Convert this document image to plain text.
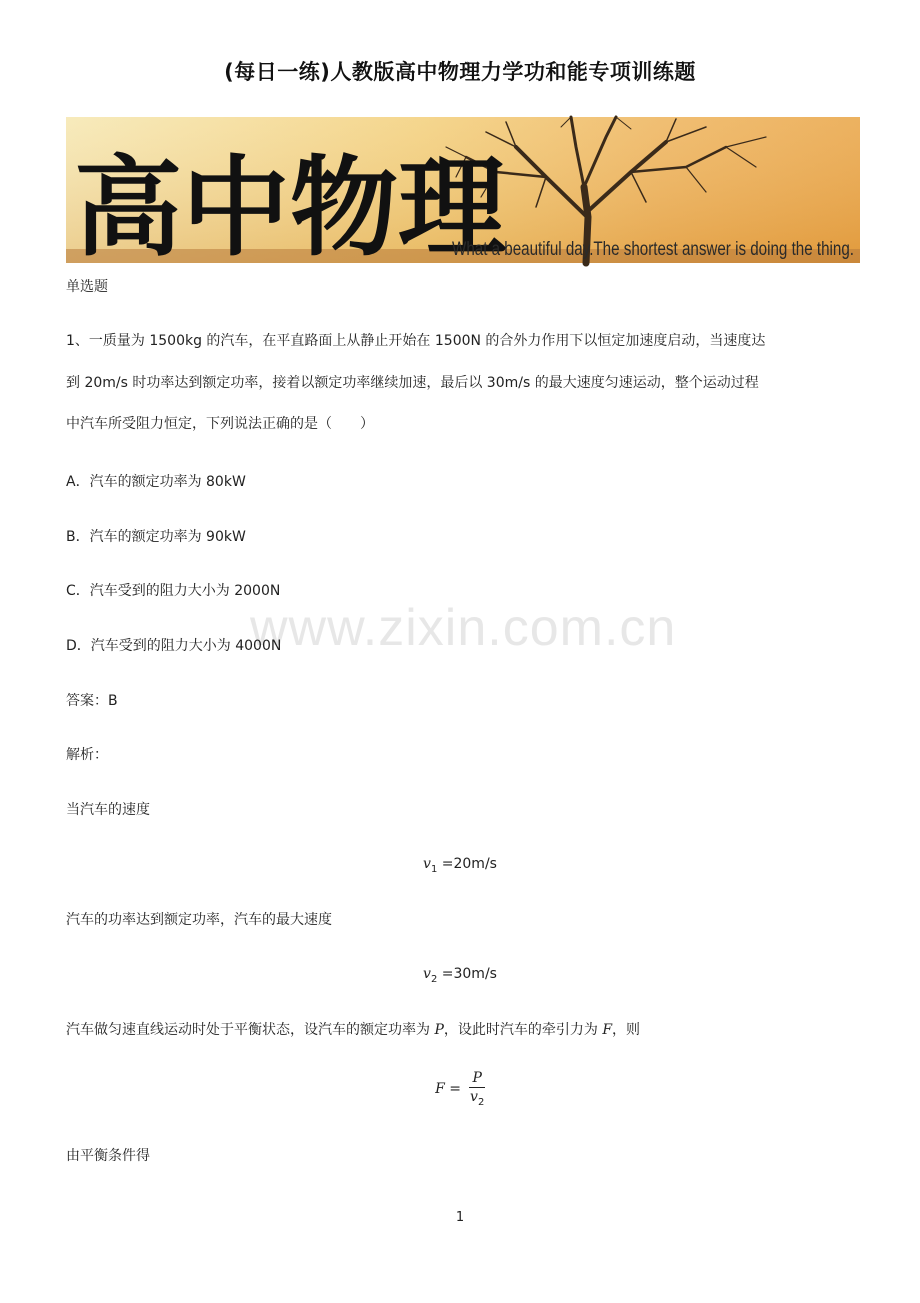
(每日一练)人教版高中物理力学功和能专项训练题
高中物理
What a beautiful day.The shortest answer is doing the thing.
www.zixin.com.cn
单选题
1、一质量为 1500kg 的汽车，在平直路面上从静止开始在 1500N 的合外力作用下以恒定加速度启动，当速度达
到 20m/s 时功率达到额定功率，接着以额定功率继续加速，最后以 30m/s 的最大速度匀速运动，整个运动过程
中汽车所受阻力恒定，下列说法正确的是（　　）
A．汽车的额定功率为 80kW
B．汽车的额定功率为 90kW
C．汽车受到的阻力大小为 2000N
D．汽车受到的阻力大小为 4000N
答案：B
解析：
当汽车的速度
$v_1 =20m/s$
汽车的功率达到额定功率，汽车的最大速度
$v_2 =30m/s$
汽车做匀速直线运动时处于平衡状态，设汽车的额定功率为 P，设此时汽车的牵引力为 F，则
$F = \frac{P}{v_2}$
由平衡条件得
1
